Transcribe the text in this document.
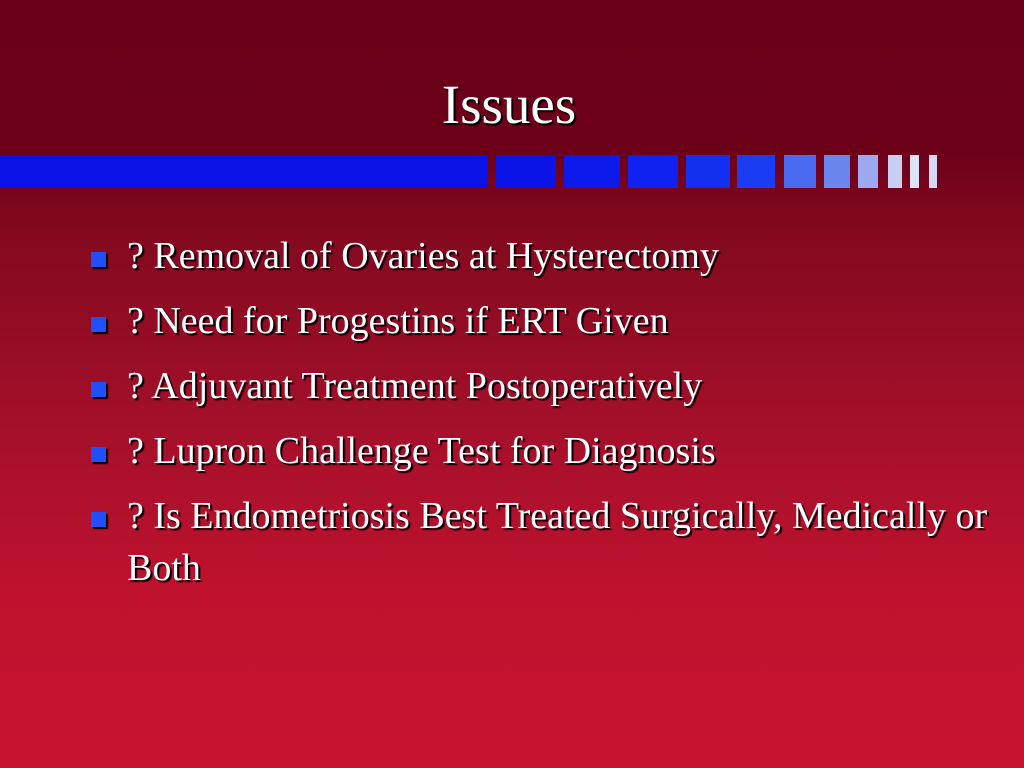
Issues
? Removal of Ovaries at Hysterectomy
? Need for Progestins if ERT Given
? Adjuvant Treatment Postoperatively
? Lupron Challenge Test for Diagnosis
? Is Endometriosis Best Treated Surgically, Medically or Both
